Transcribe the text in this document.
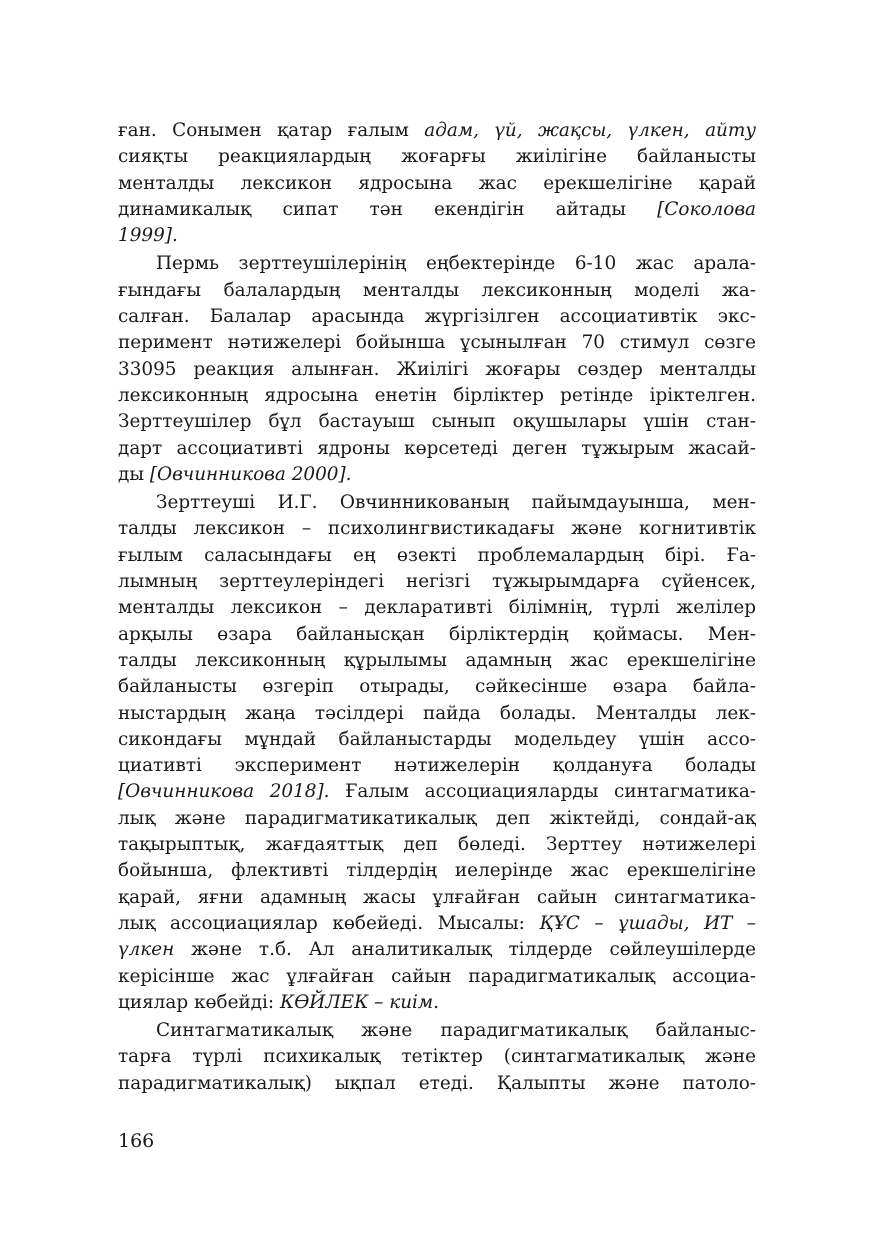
ған. Сонымен қатар ғалым адам, үй, жақсы, үлкен, айту
сияқты реакциялардың жоғарғы жиілігіне байланысты
менталды лексикон ядросына жас ерекшелігіне қарай
динамикалық сипат тән екендігін айтады [Соколова
1999].
Пермь зерттеушілерінің еңбектерінде 6-10 жас арала-
ғындағы балалардың менталды лексиконның моделі жа-
салған. Балалар арасында жүргізілген ассоциативтік экс-
перимент нәтижелері бойынша ұсынылған 70 стимул сөзге
33095 реакция алынған. Жиілігі жоғары сөздер менталды
лексиконның ядросына енетін бірліктер ретінде іріктелген.
Зерттеушілер бұл бастауыш сынып оқушылары үшін стан-
дарт ассоциативті ядроны көрсетеді деген тұжырым жасай-
ды [Овчинникова 2000].
Зерттеуші И.Г. Овчинникованың пайымдауынша, мен-
талды лексикон – психолингвистикадағы және когнитивтік
ғылым саласындағы ең өзекті проблемалардың бірі. Ға-
лымның зерттеулеріндегі негізгі тұжырымдарға сүйенсек,
менталды лексикон – декларативті білімнің, түрлі желілер
арқылы өзара байланысқан бірліктердің қоймасы. Мен-
талды лексиконның құрылымы адамның жас ерекшелігіне
байланысты өзгеріп отырады, сәйкесінше өзара байла-
ныстардың жаңа тәсілдері пайда болады. Менталды лек-
сикондағы мұндай байланыстарды модельдеу үшін ассо-
циативті эксперимент нәтижелерін қолдануға болады
[Овчинникова 2018]. Ғалым ассоциацияларды синтагматика-
лық және парадигматикатикалық деп жіктейді, сондай-ақ
тақырыптық, жағдаяттық деп бөледі. Зерттеу нәтижелері
бойынша, флективті тілдердің иелерінде жас ерекшелігіне
қарай, яғни адамның жасы ұлғайған сайын синтагматика-
лық ассоциациялар көбейеді. Мысалы: ҚҰС – ұшады, ИТ –
үлкен және т.б. Ал аналитикалық тілдерде сөйлеушілерде
керісінше жас ұлғайған сайын парадигматикалық ассоциа-
циялар көбейді: КӨЙЛЕК – киім.
Синтагматикалық және парадигматикалық байланыс-
тарға түрлі психикалық тетіктер (синтагматикалық және
парадигматикалық) ықпал етеді. Қалыпты және патоло-
166
